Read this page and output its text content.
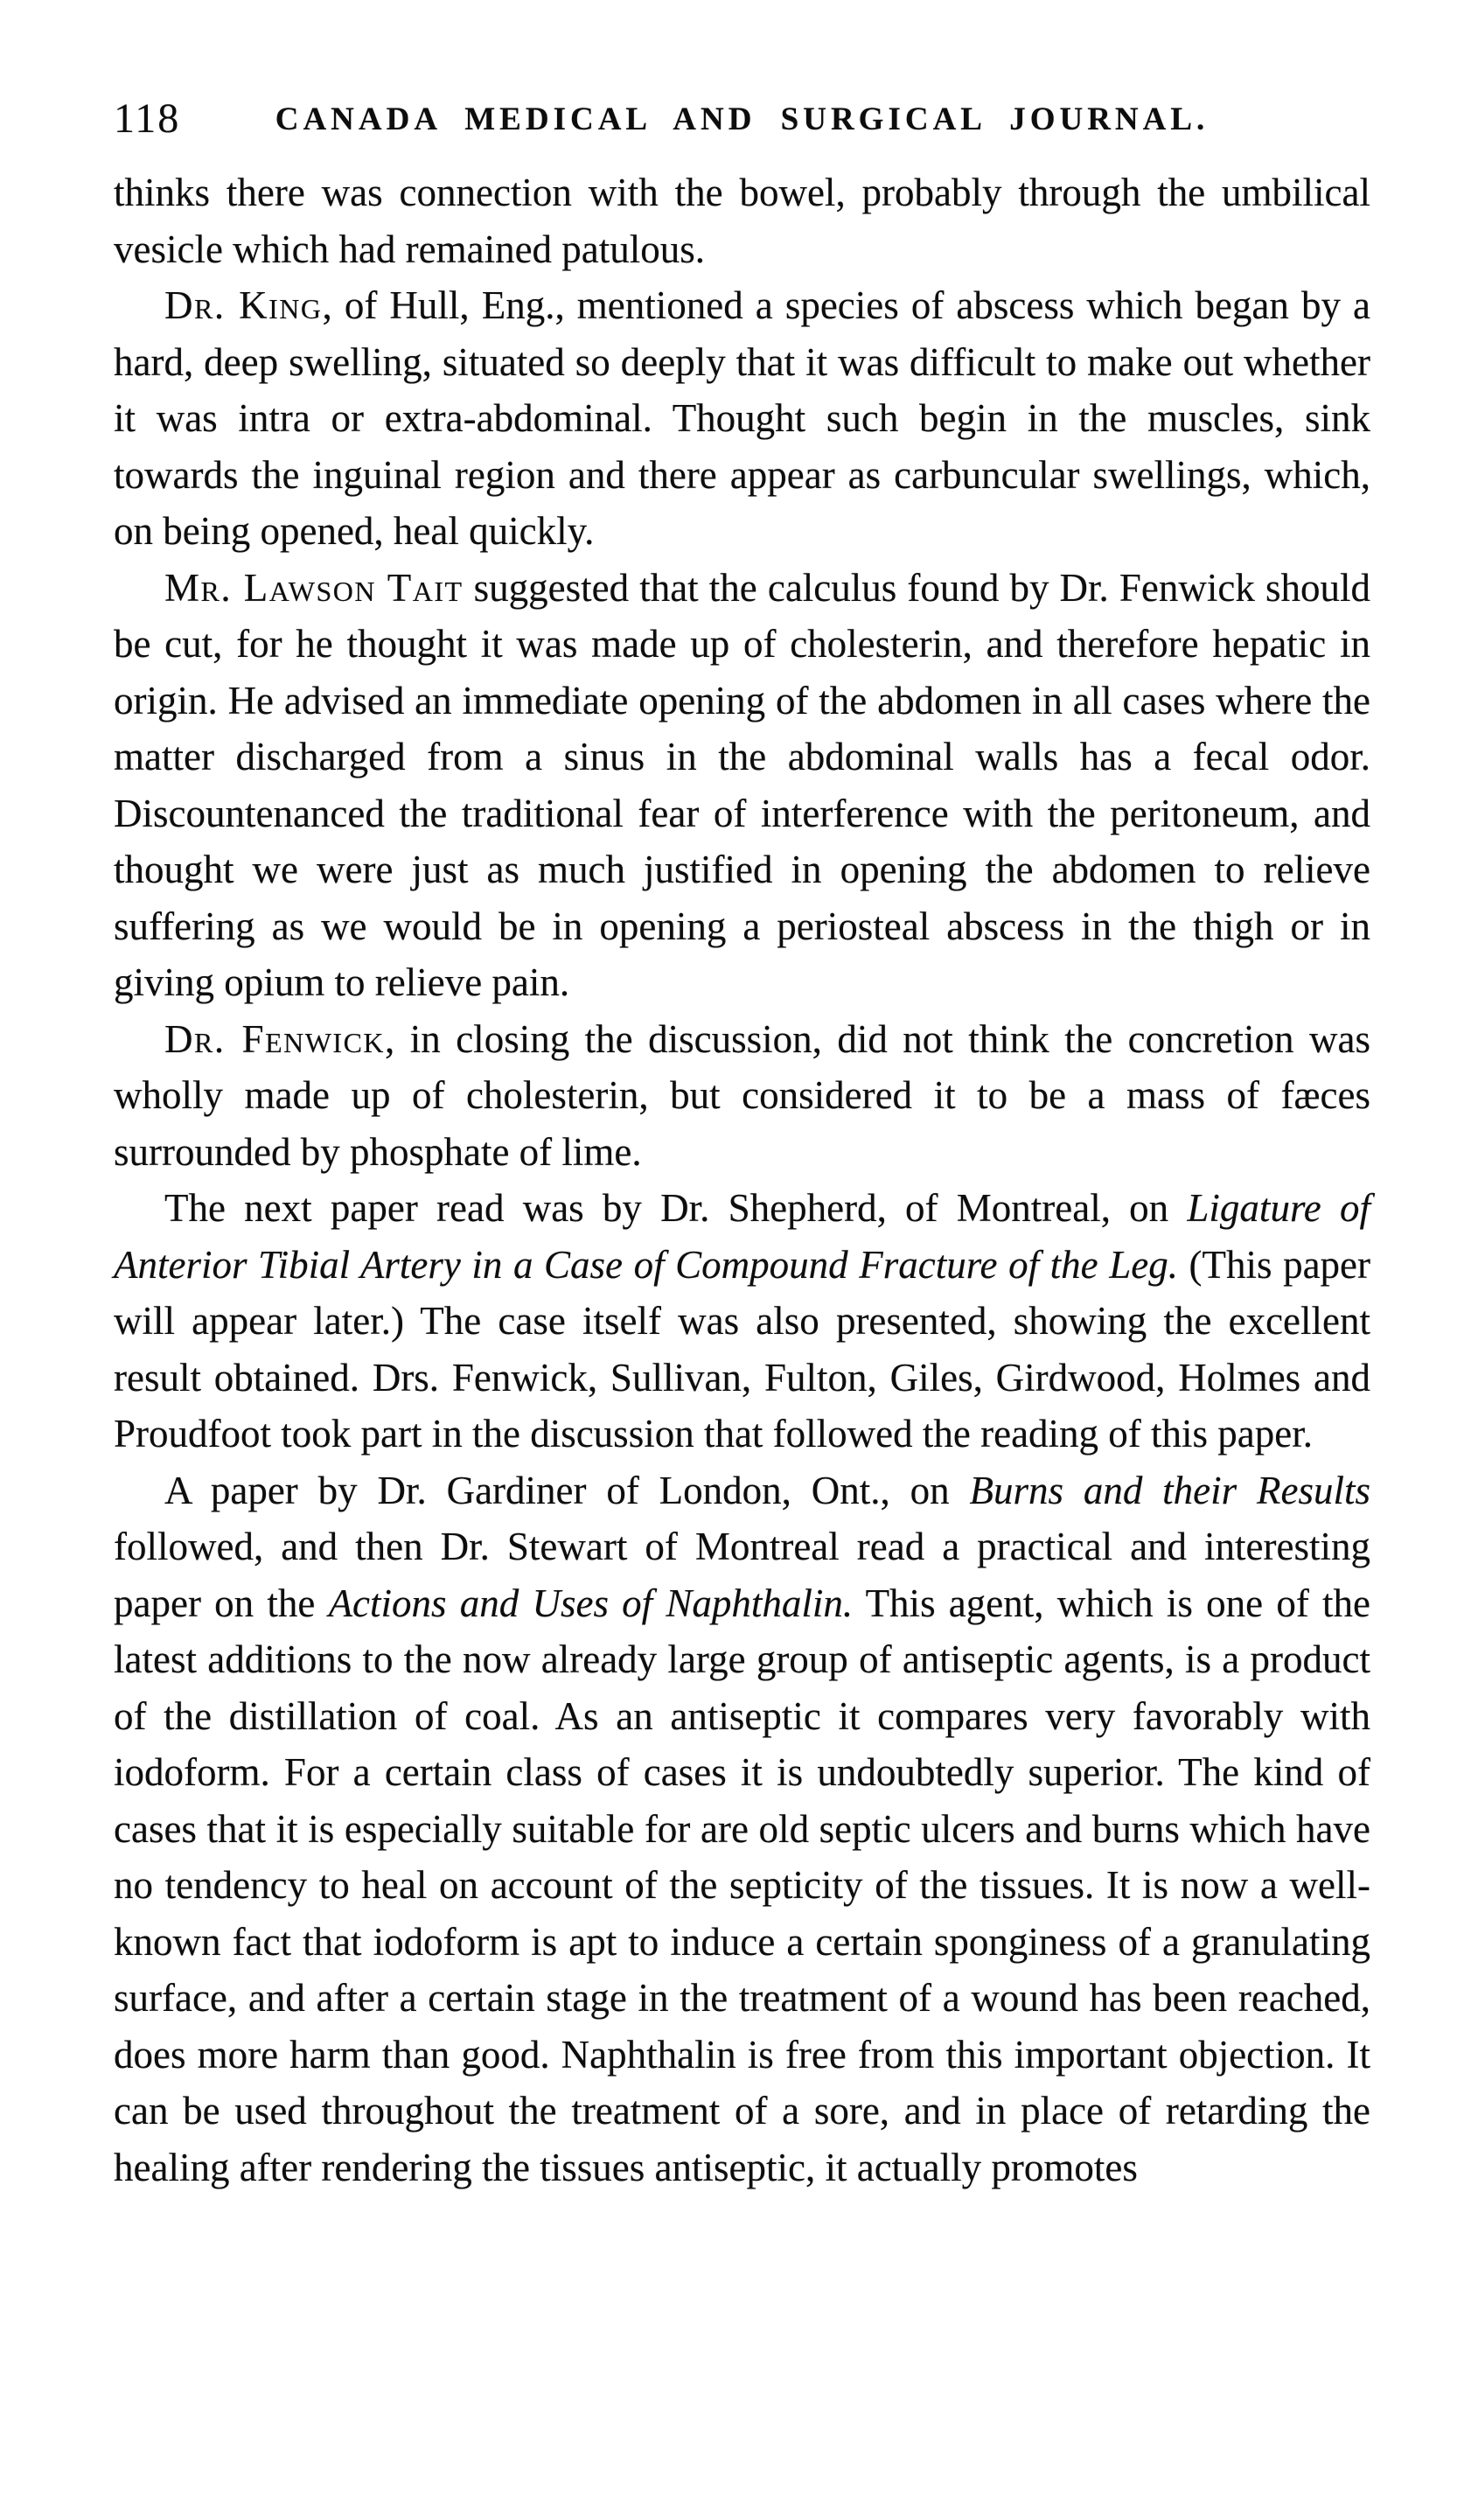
118	CANADA MEDICAL AND SURGICAL JOURNAL.

thinks there was connection with the bowel, probably through the umbilical vesicle which had remained patulous.

Dr. King, of Hull, Eng., mentioned a species of abscess which began by a hard, deep swelling, situated so deeply that it was difficult to make out whether it was intra or extra-abdominal. Thought such begin in the muscles, sink towards the inguinal region and there appear as carbuncular swellings, which, on being opened, heal quickly.

Mr. Lawson Tait suggested that the calculus found by Dr. Fenwick should be cut, for he thought it was made up of cholesterin, and therefore hepatic in origin. He advised an immediate opening of the abdomen in all cases where the matter discharged from a sinus in the abdominal walls has a fecal odor. Discountenanced the traditional fear of interference with the peritoneum, and thought we were just as much justified in opening the abdomen to relieve suffering as we would be in opening a periosteal abscess in the thigh or in giving opium to relieve pain.

Dr. Fenwick, in closing the discussion, did not think the concretion was wholly made up of cholesterin, but considered it to be a mass of fæces surrounded by phosphate of lime.

The next paper read was by Dr. Shepherd, of Montreal, on Ligature of Anterior Tibial Artery in a Case of Compound Fracture of the Leg. (This paper will appear later.) The case itself was also presented, showing the excellent result obtained. Drs. Fenwick, Sullivan, Fulton, Giles, Girdwood, Holmes and Proudfoot took part in the discussion that followed the reading of this paper.

A paper by Dr. Gardiner of London, Ont., on Burns and their Results followed, and then Dr. Stewart of Montreal read a practical and interesting paper on the Actions and Uses of Naphthalin. This agent, which is one of the latest additions to the now already large group of antiseptic agents, is a product of the distillation of coal. As an antiseptic it compares very favorably with iodoform. For a certain class of cases it is undoubtedly superior. The kind of cases that it is especially suitable for are old septic ulcers and burns which have no tendency to heal on account of the septicity of the tissues. It is now a well-known fact that iodoform is apt to induce a certain sponginess of a granulating surface, and after a certain stage in the treatment of a wound has been reached, does more harm than good. Naphthalin is free from this important objection. It can be used throughout the treatment of a sore, and in place of retarding the healing after rendering the tissues antiseptic, it actually promotes
